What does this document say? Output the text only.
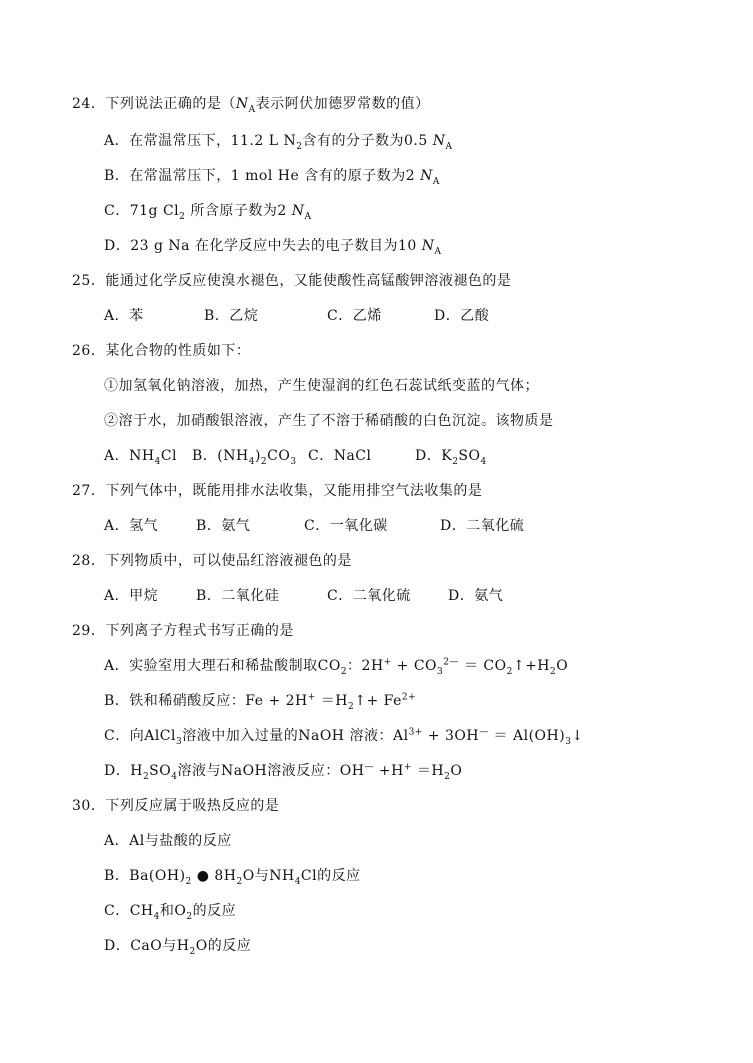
24．下列说法正确的是（$N_A$表示阿伏加德罗常数的值）
A．在常温常压下，11.2 L $N_2$含有的分子数为0.5 $N_A$
B．在常温常压下，1 mol He 含有的原子数为2 $N_A$
C．71g $Cl_2$ 所含原子数为2 $N_A$
D．23 g Na 在化学反应中失去的电子数目为10 $N_A$
25．能通过化学反应使溴水褪色，又能使酸性高锰酸钾溶液褪色的是
A．苯	B．乙烷	C．乙烯	D．乙酸
26．某化合物的性质如下：
①加氢氧化钠溶液，加热，产生使湿润的红色石蕊试纸变蓝的气体；
②溶于水，加硝酸银溶液，产生了不溶于稀硝酸的白色沉淀。该物质是
A．$NH_4Cl$ B．$(NH_4)_2CO_3$ C．NaCl	D．$K_2SO_4$
27．下列气体中，既能用排水法收集，又能用排空气法收集的是
A．氢气	B．氨气	C．一氧化碳	D．二氧化硫
28．下列物质中，可以使品红溶液褪色的是
A．甲烷	B．二氧化硅	C．二氧化硫	D．氨气
29．下列离子方程式书写正确的是
A．实验室用大理石和稀盐酸制取$CO_2$：$2H^+ + CO_3^{2—}$ ＝ $CO_2↑+H_2O$
B．铁和稀硝酸反应：$Fe + 2H^+ =H_2↑+ Fe^{2+}$
C．向AlCl$_3$溶液中加入过量的NaOH 溶液：$Al^{3+} + 3OH^—$ ＝ $Al(OH)_3↓$
D．$H_2SO_4$溶液与NaOH溶液反应：$OH^— +H^+ =H_2O$
30．下列反应属于吸热反应的是
A．Al与盐酸的反应
B．$Ba(OH)_2$ ● $8H_2O$与$NH_4Cl$的反应
C．$CH_4$和$O_2$的反应
D．CaO与$H_2O$的反应
